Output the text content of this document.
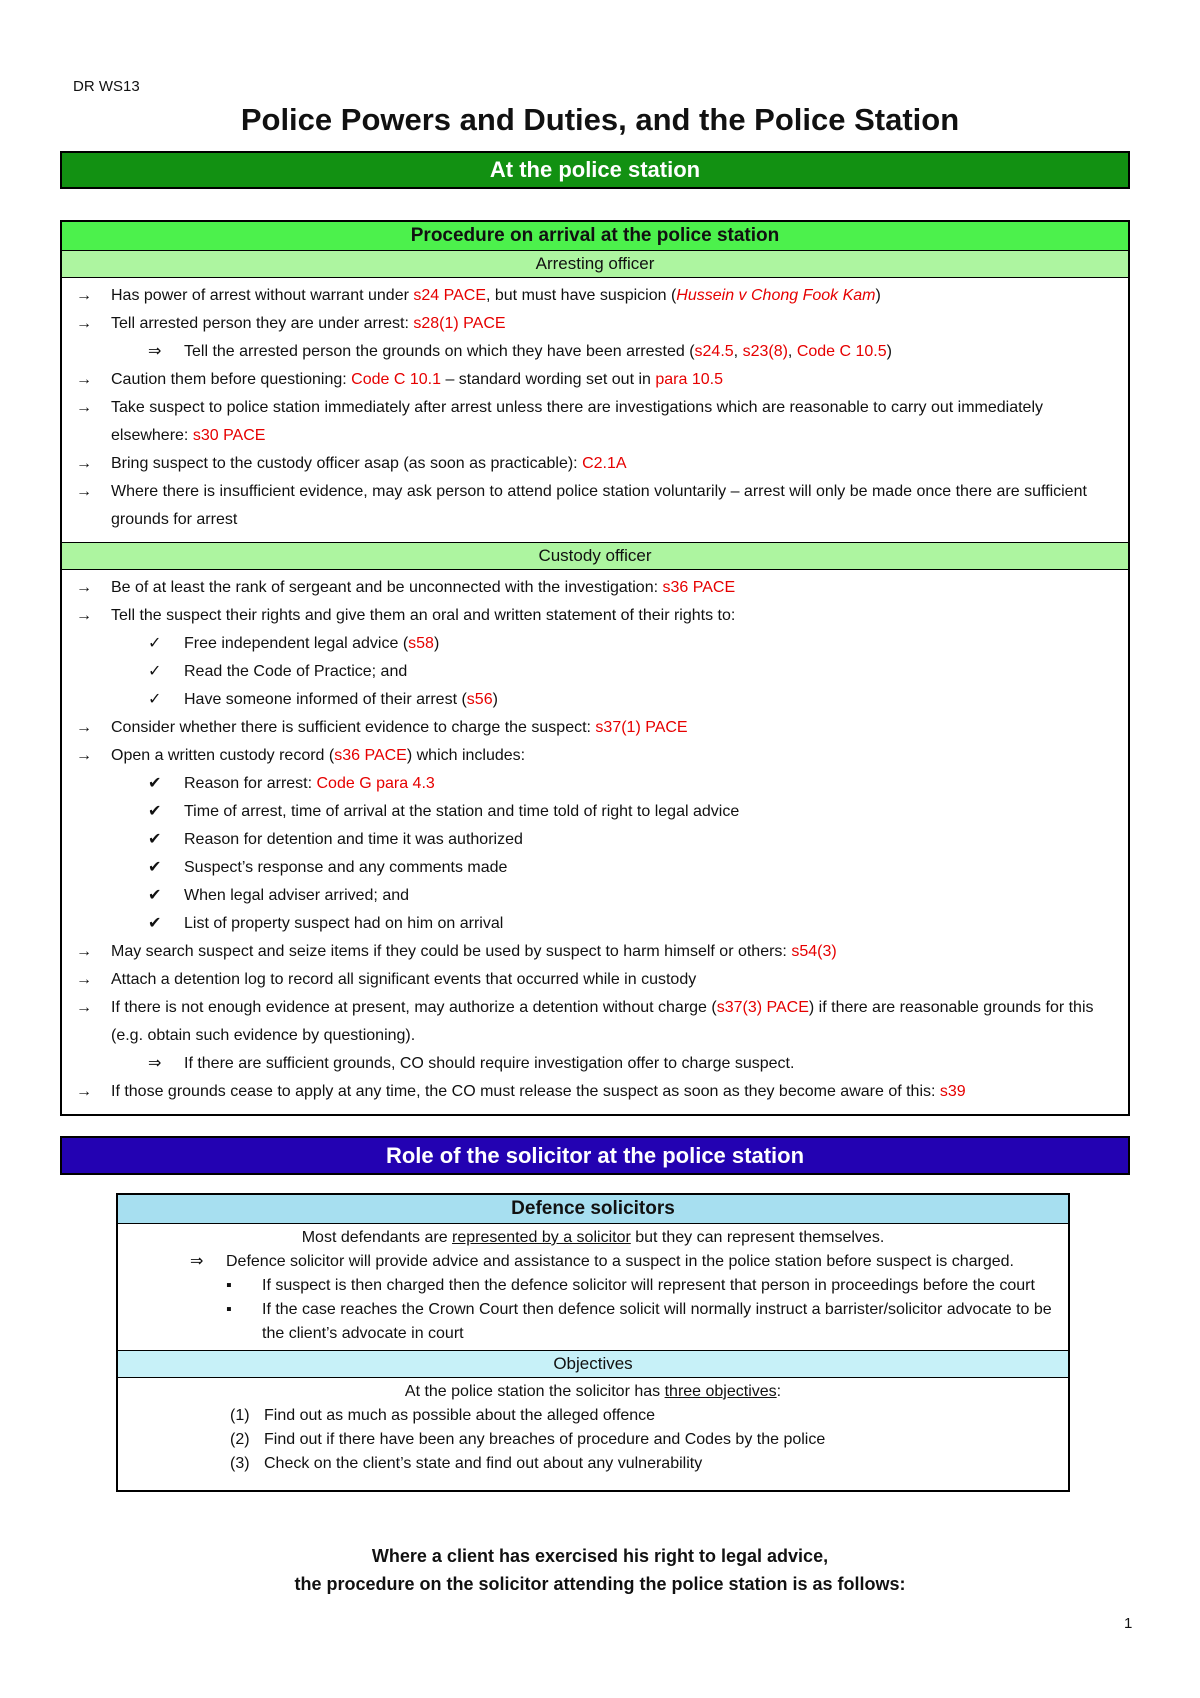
DR WS13
Police Powers and Duties, and the Police Station
At the police station
Procedure on arrival at the police station
Arresting officer
→	Has power of arrest without warrant under s24 PACE, but must have suspicion (Hussein v Chong Fook Kam)
→	Tell arrested person they are under arrest: s28(1) PACE
⇒	Tell the arrested person the grounds on which they have been arrested (s24.5, s23(8), Code C 10.5)
→	Caution them before questioning: Code C 10.1 – standard wording set out in para 10.5
→	Take suspect to police station immediately after arrest unless there are investigations which are reasonable to carry out immediately elsewhere: s30 PACE
→	Bring suspect to the custody officer asap (as soon as practicable): C2.1A
→	Where there is insufficient evidence, may ask person to attend police station voluntarily – arrest will only be made once there are sufficient grounds for arrest
Custody officer
→	Be of at least the rank of sergeant and be unconnected with the investigation: s36 PACE
→	Tell the suspect their rights and give them an oral and written statement of their rights to:
✓	Free independent legal advice (s58)
✓	Read the Code of Practice; and
✓	Have someone informed of their arrest (s56)
→	Consider whether there is sufficient evidence to charge the suspect: s37(1) PACE
→	Open a written custody record (s36 PACE) which includes:
✔	Reason for arrest: Code G para 4.3
✔	Time of arrest, time of arrival at the station and time told of right to legal advice
✔	Reason for detention and time it was authorized
✔	Suspect’s response and any comments made
✔	When legal adviser arrived; and
✔	List of property suspect had on him on arrival
→	May search suspect and seize items if they could be used by suspect to harm himself or others: s54(3)
→	Attach a detention log to record all significant events that occurred while in custody
→	If there is not enough evidence at present, may authorize a detention without charge (s37(3) PACE) if there are reasonable grounds for this (e.g. obtain such evidence by questioning).
⇒	If there are sufficient grounds, CO should require investigation offer to charge suspect.
→	If those grounds cease to apply at any time, the CO must release the suspect as soon as they become aware of this: s39
Role of the solicitor at the police station
Defence solicitors
Most defendants are represented by a solicitor but they can represent themselves.
⇒ Defence solicitor will provide advice and assistance to a suspect in the police station before suspect is charged.
▪ If suspect is then charged then the defence solicitor will represent that person in proceedings before the court
▪ If the case reaches the Crown Court then defence solicit will normally instruct a barrister/solicitor advocate to be the client’s advocate in court
Objectives
At the police station the solicitor has three objectives:
(1) Find out as much as possible about the alleged offence
(2) Find out if there have been any breaches of procedure and Codes by the police
(3) Check on the client’s state and find out about any vulnerability
Where a client has exercised his right to legal advice,
the procedure on the solicitor attending the police station is as follows:
1
